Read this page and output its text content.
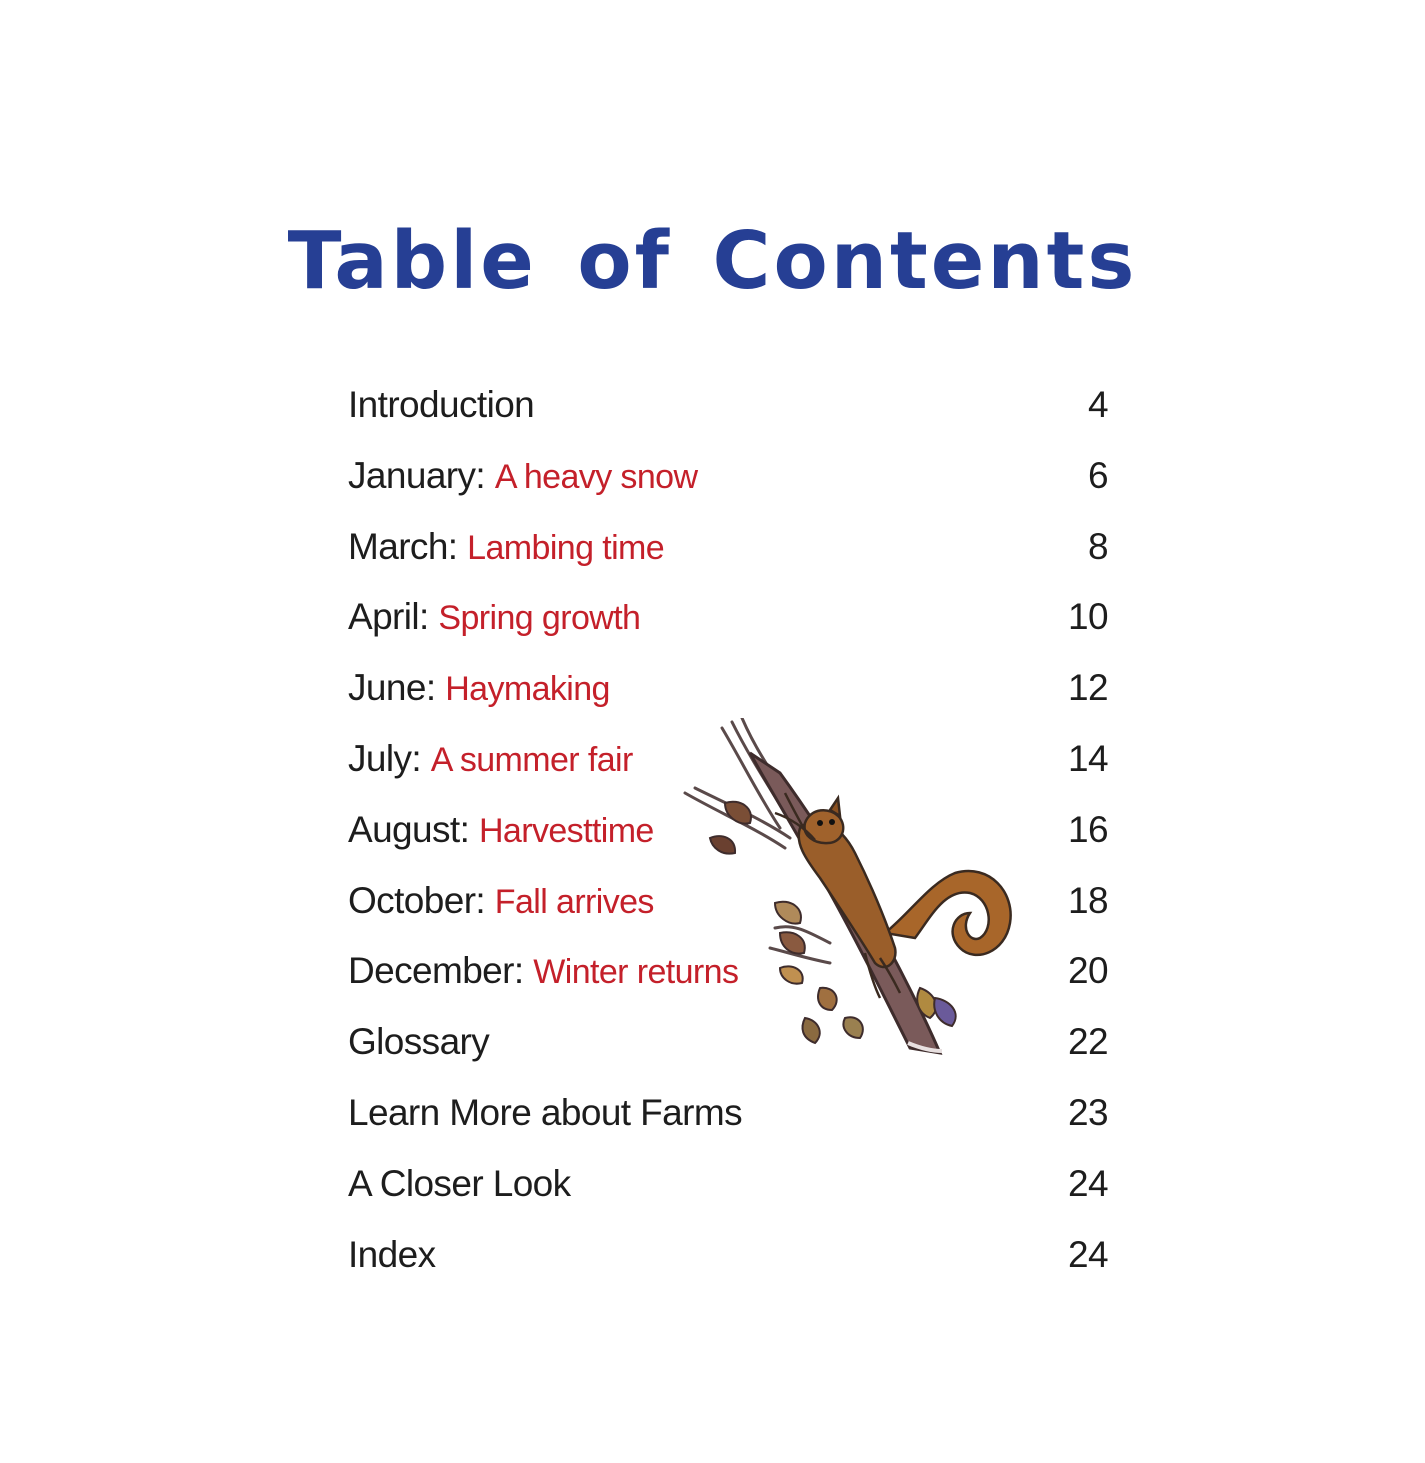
Table of Contents
Introduction	4
January: A heavy snow	6
March: Lambing time	8
April: Spring growth	10
June: Haymaking	12
July: A summer fair	14
August: Harvesttime	16
October: Fall arrives	18
December: Winter returns	20
Glossary	22
Learn More about Farms	23
A Closer Look	24
Index	24
